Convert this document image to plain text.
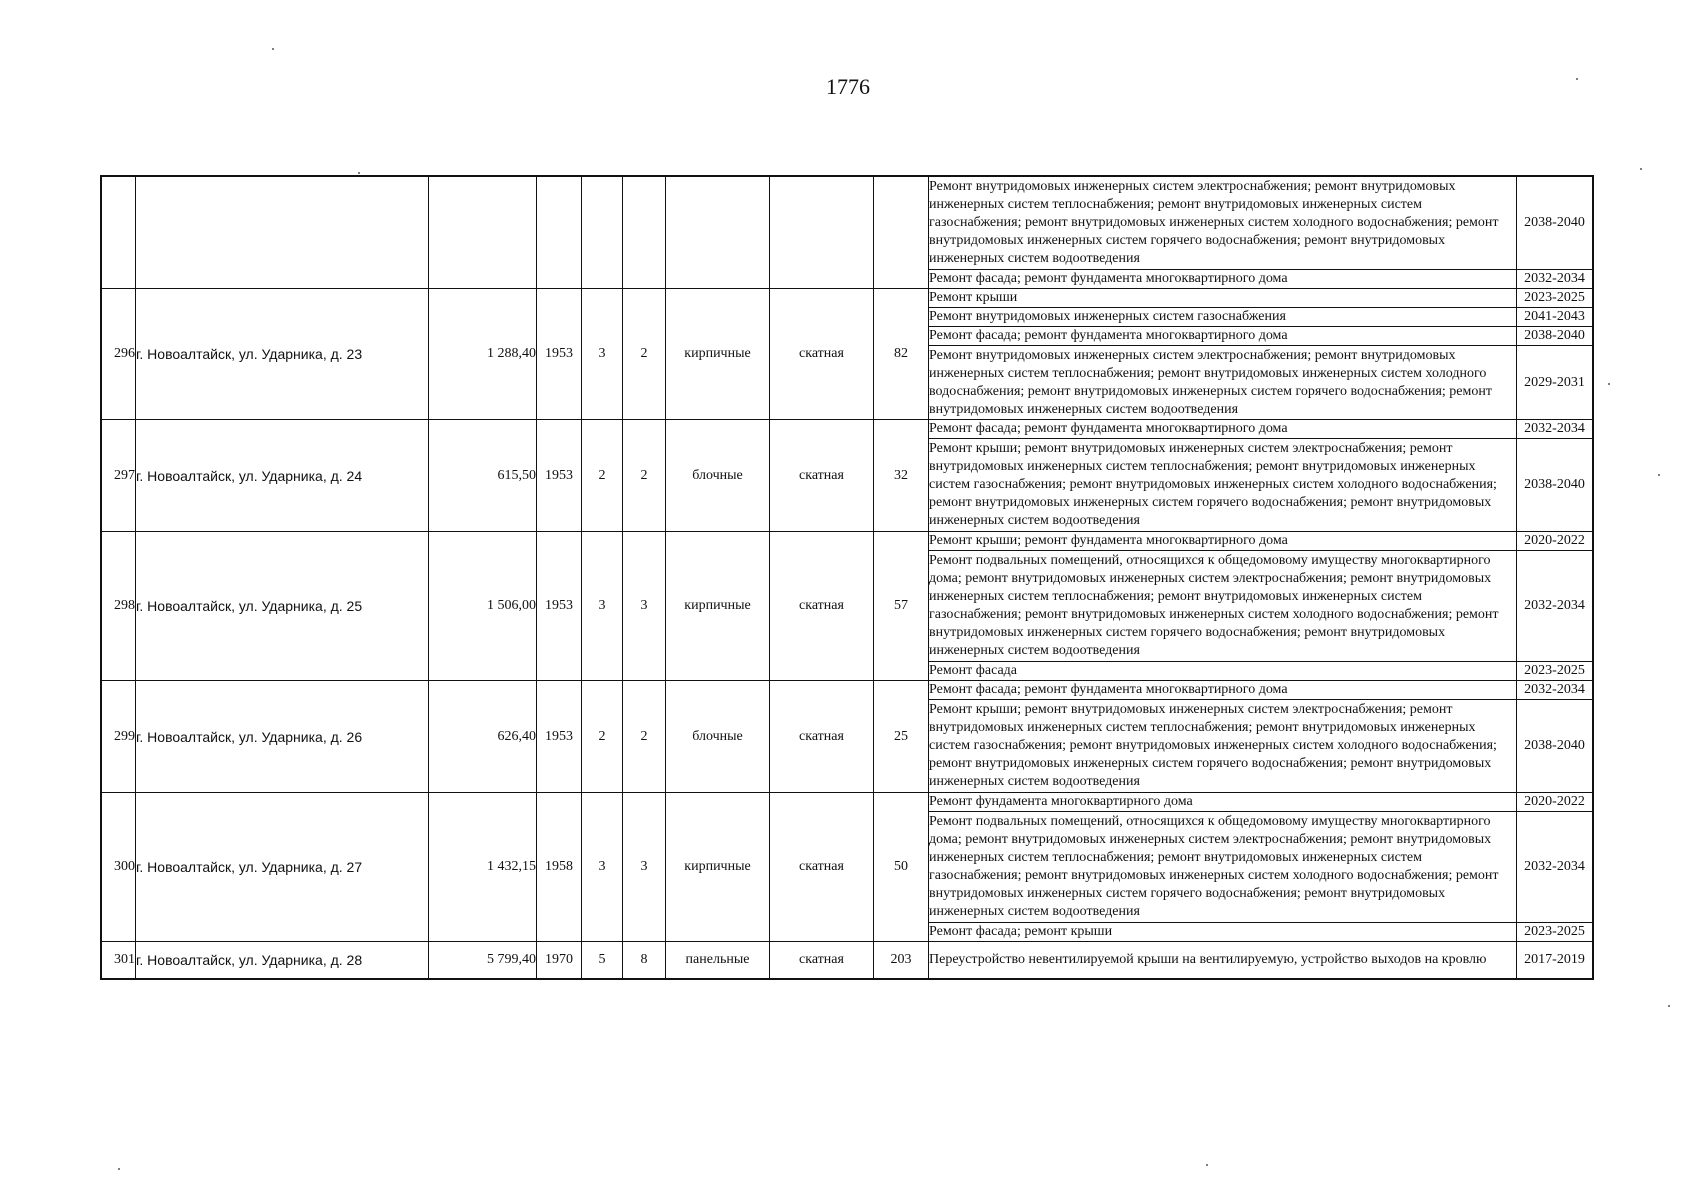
1776
									Ремонт внутридомовых инженерных систем электроснабжения; ремонт внутридомовых инженерных систем теплоснабжения; ремонт внутридомовых инженерных систем газоснабжения; ремонт внутридомовых инженерных систем холодного водоснабжения; ремонт внутридомовых инженерных систем горячего водоснабжения; ремонт внутридомовых инженерных систем водоотведения	2038-2040
									Ремонт фасада; ремонт фундамента многоквартирного дома	2032-2034
296	г. Новоалтайск, ул. Ударника, д. 23	1 288,40	1953	3	2	кирпичные	скатная	82	Ремонт крыши	2023-2025
									Ремонт внутридомовых инженерных систем газоснабжения	2041-2043
									Ремонт фасада; ремонт фундамента многоквартирного дома	2038-2040
									Ремонт внутридомовых инженерных систем электроснабжения; ремонт внутридомовых инженерных систем теплоснабжения; ремонт внутридомовых инженерных систем холодного водоснабжения; ремонт внутридомовых инженерных систем горячего водоснабжения; ремонт внутридомовых инженерных систем водоотведения	2029-2031
297	г. Новоалтайск, ул. Ударника, д. 24	615,50	1953	2	2	блочные	скатная	32	Ремонт фасада; ремонт фундамента многоквартирного дома	2032-2034
									Ремонт крыши; ремонт внутридомовых инженерных систем электроснабжения; ремонт внутридомовых инженерных систем теплоснабжения; ремонт внутридомовых инженерных систем газоснабжения; ремонт внутридомовых инженерных систем холодного водоснабжения; ремонт внутридомовых инженерных систем горячего водоснабжения; ремонт внутридомовых инженерных систем водоотведения	2038-2040
298	г. Новоалтайск, ул. Ударника, д. 25	1 506,00	1953	3	3	кирпичные	скатная	57	Ремонт крыши; ремонт фундамента многоквартирного дома	2020-2022
									Ремонт подвальных помещений, относящихся к общедомовому имуществу многоквартирного дома; ремонт внутридомовых инженерных систем электроснабжения; ремонт внутридомовых инженерных систем теплоснабжения; ремонт внутридомовых инженерных систем газоснабжения; ремонт внутридомовых инженерных систем холодного водоснабжения; ремонт внутридомовых инженерных систем горячего водоснабжения; ремонт внутридомовых инженерных систем водоотведения	2032-2034
									Ремонт фасада	2023-2025
299	г. Новоалтайск, ул. Ударника, д. 26	626,40	1953	2	2	блочные	скатная	25	Ремонт фасада; ремонт фундамента многоквартирного дома	2032-2034
									Ремонт крыши; ремонт внутридомовых инженерных систем электроснабжения; ремонт внутридомовых инженерных систем теплоснабжения; ремонт внутридомовых инженерных систем газоснабжения; ремонт внутридомовых инженерных систем холодного водоснабжения; ремонт внутридомовых инженерных систем горячего водоснабжения; ремонт внутридомовых инженерных систем водоотведения	2038-2040
300	г. Новоалтайск, ул. Ударника, д. 27	1 432,15	1958	3	3	кирпичные	скатная	50	Ремонт фундамента многоквартирного дома	2020-2022
									Ремонт подвальных помещений, относящихся к общедомовому имуществу многоквартирного дома; ремонт внутридомовых инженерных систем электроснабжения; ремонт внутридомовых инженерных систем теплоснабжения; ремонт внутридомовых инженерных систем газоснабжения; ремонт внутридомовых инженерных систем холодного водоснабжения; ремонт внутридомовых инженерных систем горячего водоснабжения; ремонт внутридомовых инженерных систем водоотведения	2032-2034
									Ремонт фасада; ремонт крыши	2023-2025
301	г. Новоалтайск, ул. Ударника, д. 28	5 799,40	1970	5	8	панельные	скатная	203	Переустройство невентилируемой крыши на вентилируемую, устройство выходов на кровлю	2017-2019
